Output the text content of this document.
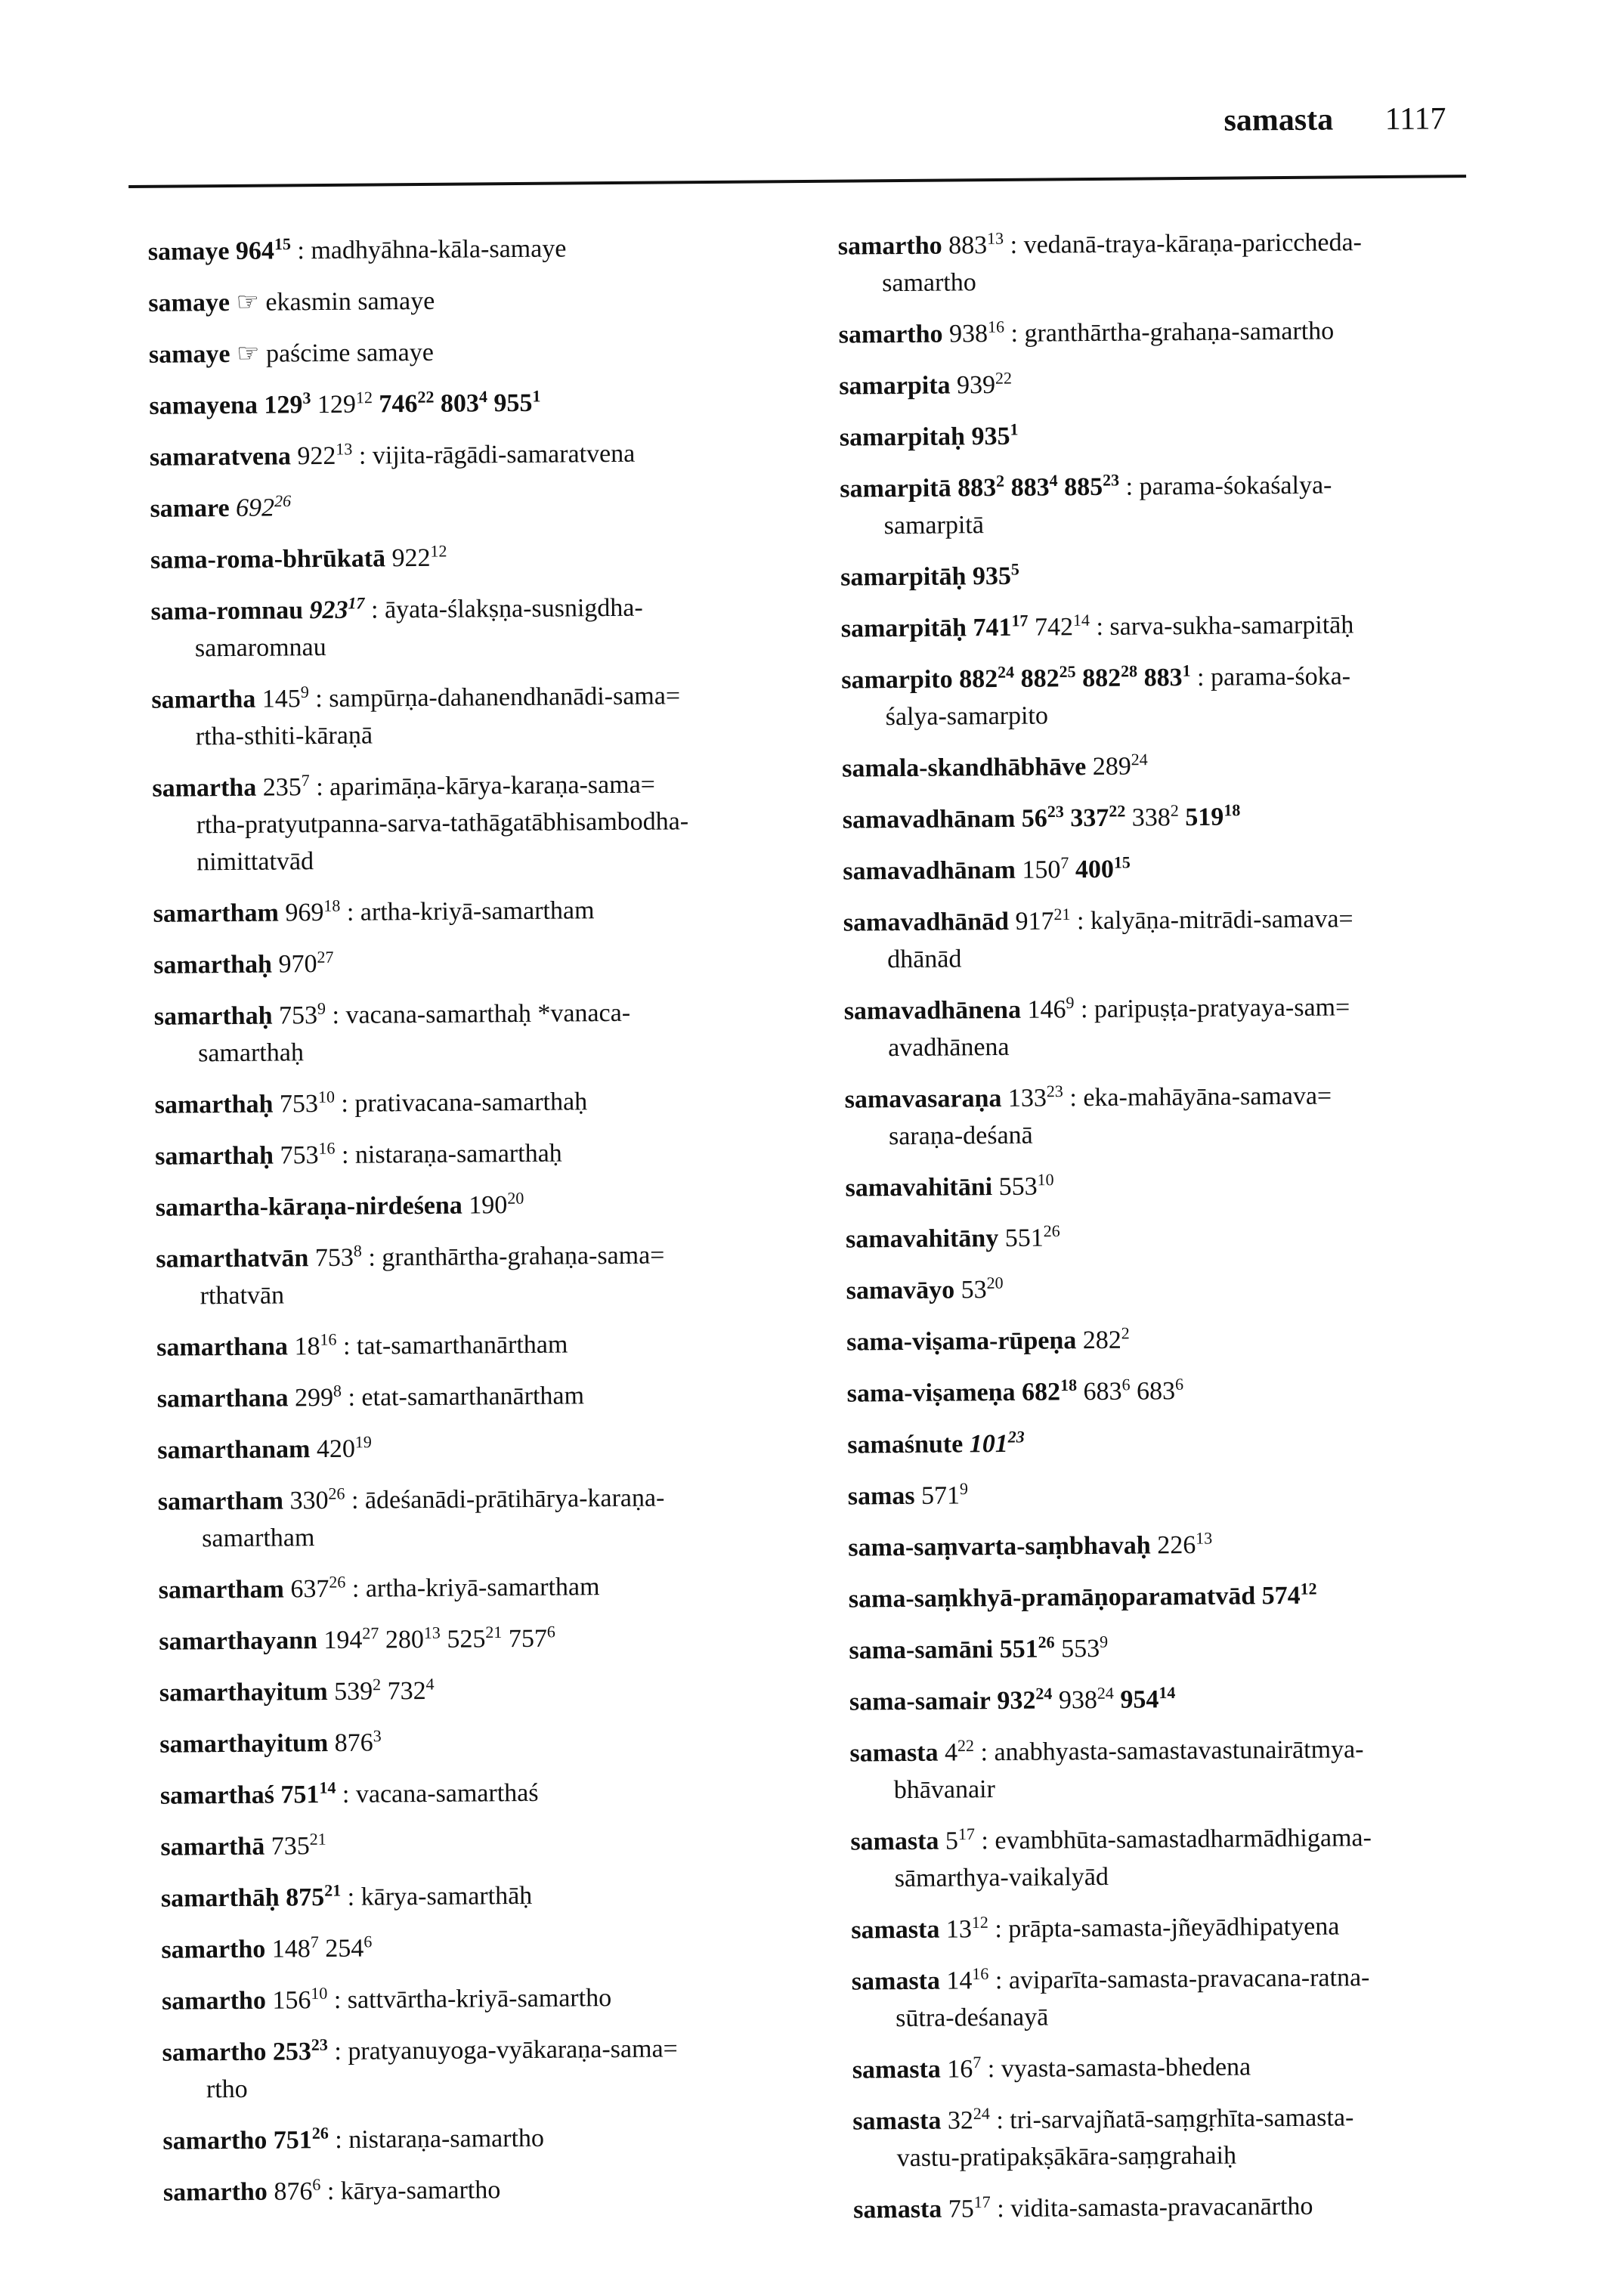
samasta 1117
samaye $964^{15}$ : madhyāhna-kāla-samaye
samaye ☞ ekasmin samaye
samaye ☞ paścime samaye
samayena $129^3$ $129^{12}$ $746^{22}$ $803^4$ $955^1$
samaratvena $922^{13}$ : vijita-rāgādi-samaratvena
samare $692^{26}$
sama-roma-bhrūkatā $922^{12}$
sama-romnau $923^{17}$ : āyata-ślakṣṇa-susnigdha-
samaromnau
samartha $145^9$ : sampūrṇa-dahanendhanādi-sama=
rtha-sthiti-kāraṇā
samartha $235^7$ : aparimāṇa-kārya-karaṇa-sama=
rtha-pratyutpanna-sarva-tathāgatābhisambodha-
nimittatvād
samartham $969^{18}$ : artha-kriyā-samartham
samarthaḥ $970^{27}$
samarthaḥ $753^9$ : vacana-samarthaḥ *vanaca-
samarthaḥ
samarthaḥ $753^{10}$ : prativacana-samarthaḥ
samarthaḥ $753^{16}$ : nistaraṇa-samarthaḥ
samartha-kāraṇa-nirdeśena $190^{20}$
samarthatvān $753^8$ : granthārtha-grahaṇa-sama=
rthatvān
samarthana $18^{16}$ : tat-samarthanārtham
samarthana $299^8$ : etat-samarthanārtham
samarthanam $420^{19}$
samartham $330^{26}$ : ādeśanādi-prātihārya-karaṇa-
samartham
samartham $637^{26}$ : artha-kriyā-samartham
samarthayann $194^{27}$ $280^{13}$ $525^{21}$ $757^6$
samarthayitum $539^2$ $732^4$
samarthayitum $876^3$
samarthaś $751^{14}$ : vacana-samarthaś
samarthā $735^{21}$
samarthāḥ $875^{21}$ : kārya-samarthāḥ
samartho $148^7$ $254^6$
samartho $156^{10}$ : sattvārtha-kriyā-samartho
samartho $253^{23}$ : pratyanuyoga-vyākaraṇa-sama=
rtho
samartho $751^{26}$ : nistaraṇa-samartho
samartho $876^6$ : kārya-samartho
samartho $883^{13}$ : vedanā-traya-kāraṇa-pariccheda-
samartho
samartho $938^{16}$ : granthārtha-grahaṇa-samartho
samarpita $939^{22}$
samarpitaḥ $935^1$
samarpitā $883^2$ $883^4$ $885^{23}$ : parama-śokaśalya-
samarpitā
samarpitāḥ $935^5$
samarpitāḥ $741^{17}$ $742^{14}$ : sarva-sukha-samarpitāḥ
samarpito $882^{24}$ $882^{25}$ $882^{28}$ $883^1$ : parama-śoka-
śalya-samarpito
samala-skandhābhāve $289^{24}$
samavadhānam $56^{23}$ $337^{22}$ $338^2$ $519^{18}$
samavadhānam $150^7$ $400^{15}$
samavadhānād $917^{21}$ : kalyāṇa-mitrādi-samava=
dhānād
samavadhānena $146^9$ : paripuṣṭa-pratyaya-sam=
avadhānena
samavasaraṇa $133^{23}$ : eka-mahāyāna-samava=
saraṇa-deśanā
samavahitāni $553^{10}$
samavahitāny $551^{26}$
samavāyo $53^{20}$
sama-viṣama-rūpeṇa $282^2$
sama-viṣameṇa $682^{18}$ $683^6$ $683^6$
samaśnute $101^{23}$
samas $571^9$
sama-saṃvarta-saṃbhavaḥ $226^{13}$
sama-saṃkhyā-pramāṇoparamatvād $574^{12}$
sama-samāni $551^{26}$ $553^9$
sama-samair $932^{24}$ $938^{24}$ $954^{14}$
samasta $4^{22}$ : anabhyasta-samastavastunairātmya-
bhāvanair
samasta $5^{17}$ : evambhūta-samastadharmādhigama-
sāmarthya-vaikalyād
samasta $13^{12}$ : prāpta-samasta-jñeyādhipatyena
samasta $14^{16}$ : aviparīta-samasta-pravacana-ratna-
sūtra-deśanayā
samasta $16^7$ : vyasta-samasta-bhedena
samasta $32^{24}$ : tri-sarvajñatā-saṃgṛhīta-samasta-
vastu-pratipakṣākāra-saṃgrahaiḥ
samasta $75^{17}$ : vidita-samasta-pravacanārtho
